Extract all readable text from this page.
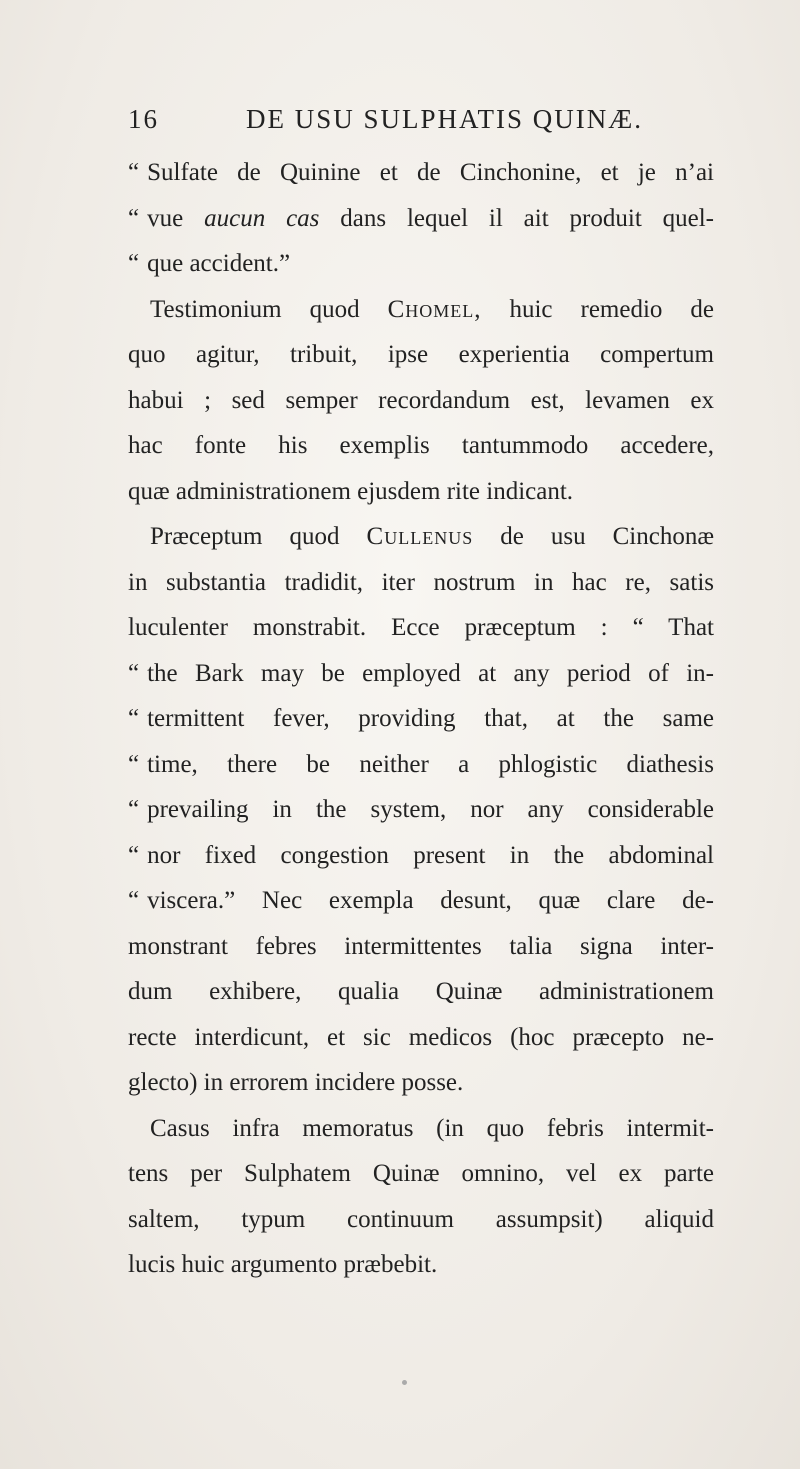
16	DE USU SULPHATIS QUINÆ.
“ Sulfate de Quinine et de Cinchonine, et je n’ai
“ vue aucun cas dans lequel il ait produit quel-
“ que accident.”
Testimonium quod Chomel, huic remedio de
quo agitur, tribuit, ipse experientia compertum
habui ; sed semper recordandum est, levamen ex
hac fonte his exemplis tantummodo accedere,
quæ administrationem ejusdem rite indicant.
Præceptum quod Cullenus de usu Cinchonæ
in substantia tradidit, iter nostrum in hac re, satis
luculenter monstrabit. Ecce præceptum : “ That
“ the Bark may be employed at any period of in-
“ termittent fever, providing that, at the same
“ time, there be neither a phlogistic diathesis
“ prevailing in the system, nor any considerable
“ nor fixed congestion present in the abdominal
“ viscera.” Nec exempla desunt, quæ clare de-
monstrant febres intermittentes talia signa inter-
dum exhibere, qualia Quinæ administrationem
recte interdicunt, et sic medicos (hoc præcepto ne-
glecto) in errorem incidere posse.
Casus infra memoratus (in quo febris intermit-
tens per Sulphatem Quinæ omnino, vel ex parte
saltem, typum continuum assumpsit) aliquid
lucis huic argumento præbebit.
